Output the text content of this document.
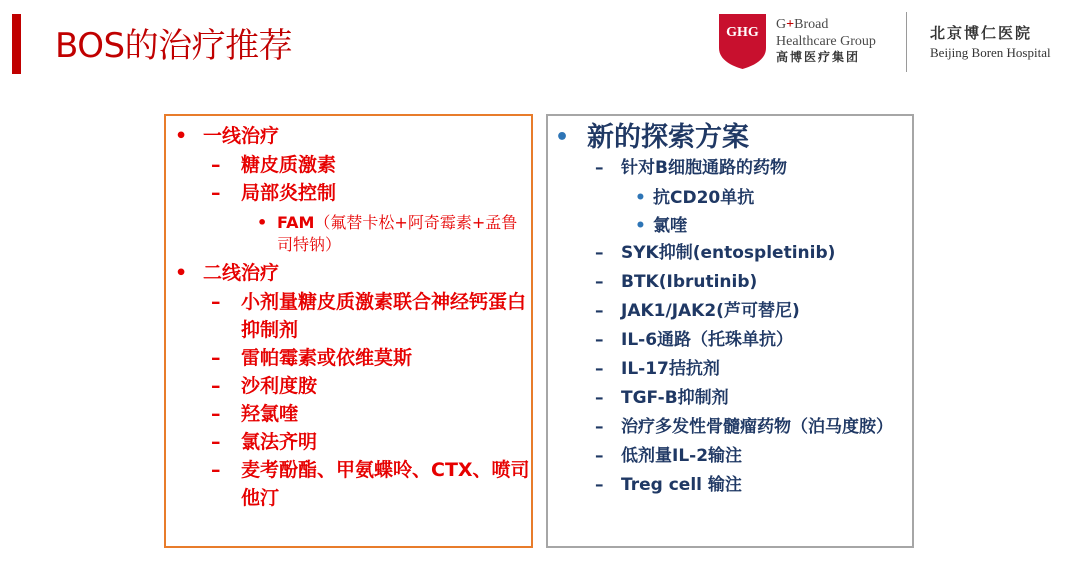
BOS的治疗推荐	GHG
G+Broad
Healthcare Group
高博医疗集团
北京博仁医院
Beijing Boren Hospital
• 一线治疗
– 糖皮质激素
– 局部炎控制
• FAM（氟替卡松+阿奇霉素+孟鲁司特钠）
• 二线治疗
– 小剂量糖皮质激素联合神经钙蛋白抑制剂
– 雷帕霉素或依维莫斯
– 沙利度胺
– 羟氯喹
– 氯法齐明
– 麦考酚酯、甲氨蝶呤、CTX、喷司他汀
• 新的探索方案
– 针对B细胞通路的药物
• 抗CD20单抗
• 氯喹
– SYK抑制(entospletinib)
– BTK(Ibrutinib)
– JAK1/JAK2(芦可替尼)
– IL-6通路（托珠单抗）
– IL-17拮抗剂
– TGF-B抑制剂
– 治疗多发性骨髓瘤药物（泊马度胺）
– 低剂量IL-2输注
– Treg cell 输注
